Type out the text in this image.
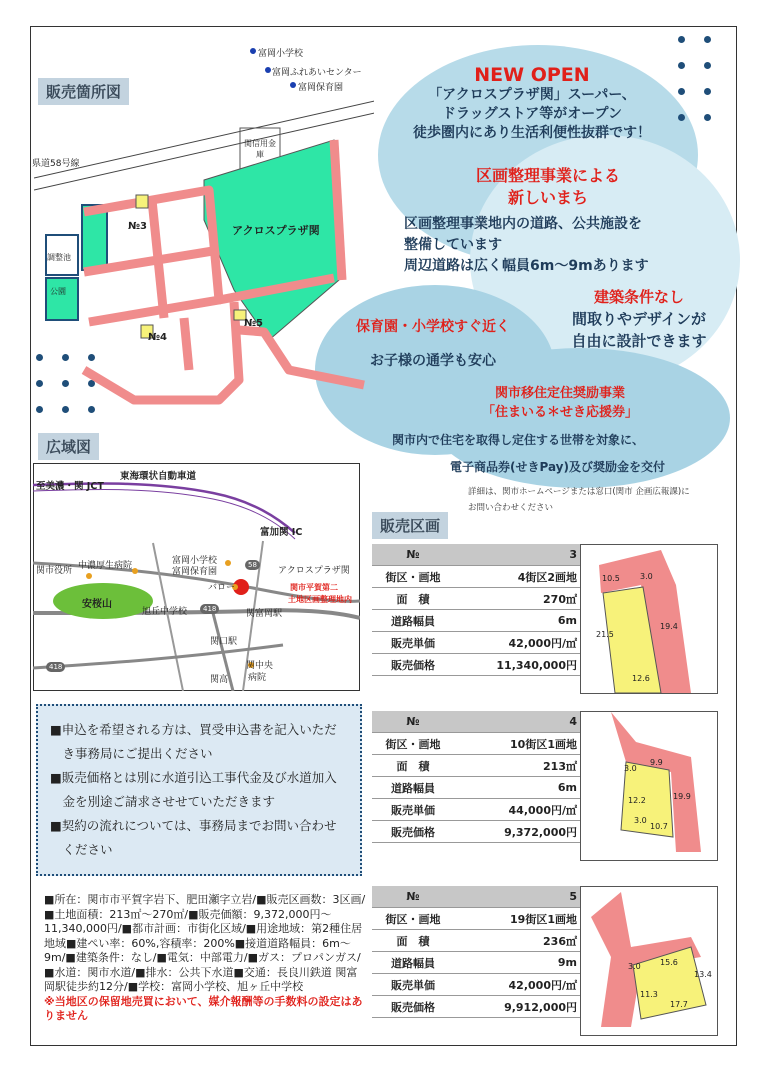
販売箇所図
富岡小学校
富岡ふれあいセンター
富岡保育園
県道58号線
関信用金庫
アクロスプラザ関
調整池
公園
№3
№4
№5
NEW OPEN
「アクロスプラザ関」スーパー、
ドラッグストア等がオープン
徒歩圏内にあり生活利便性抜群です！
区画整理事業による
新しいまち
区画整理事業地内の道路、公共施設を
整備しています
周辺道路は広く幅員6m～9mあります
建築条件なし
間取りやデザインが
自由に設計できます
保育園・小学校すぐ近く
お子様の通学も安心
関市移住定住奨励事業
「住まいる＊せき応援券」
関市内で住宅を取得し定住する世帯を対象に、
電子商品券(せきPay)及び奨励金を交付
詳細は、関市ホームページまたは窓口(関市 企画広報課)に
お問い合わせください
広域図
東海環状自動車道
至美濃・関 JCT
富加関 IC
中濃厚生病院
関市役所
富岡小学校
富岡保育園	アクロスプラザ関
関市平賀第二
土地区画整理地内
バロー
安桜山
旭丘中学校	関富岡駅
関口駅
関高
関中央
病院
418
418
58

■申込を希望される方は、買受申込書を記入いただ

　き事務局にご提出ください

■販売価格とは別に水道引込工事代金及び水道加入

　金を別途ご請求させせていただきます

■契約の流れについては、事務局までお問い合わせ

　ください

■所在：関市市平賀字岩下、肥田瀬字立岩/■販売区画数：3区画/■土地面積：213㎡～270㎡/■販売価額：9,372,000円～11,340,000円/■都市計画：市街化区域/■用途地域：第2種住居地域■建ぺい率：60%,容積率：200%■接道道路幅員：6m～9m/■建築条件：なし/■電気：中部電力/■ガス：プロパンガス/■水道：関市水道/■排水：公共下水道■交通：長良川鉄道 関富岡駅徒歩約12分/■学校：富岡小学校、旭ヶ丘中学校
※当地区の保留地売買において、媒介報酬等の手数料の設定はありません
販売区画
№	3
街区・画地	4街区2画地
面　積	270㎡
道路幅員	6m
販売単価	42,000円/㎡
販売価格	11,340,000円
10.5	3.0
21.5
19.4
12.6
№	4
街区・画地	10街区1画地
面　積	213㎡
道路幅員	6m
販売単価	44,000円/㎡
販売価格	9,372,000円
3.0
9.9
12.2
3.0
10.7
19.9
№	5
街区・画地	19街区1画地
面　積	236㎡
道路幅員	9m
販売単価	42,000円/㎡
販売価格	9,912,000円
3.0 15.6
13.4
11.3
17.7
